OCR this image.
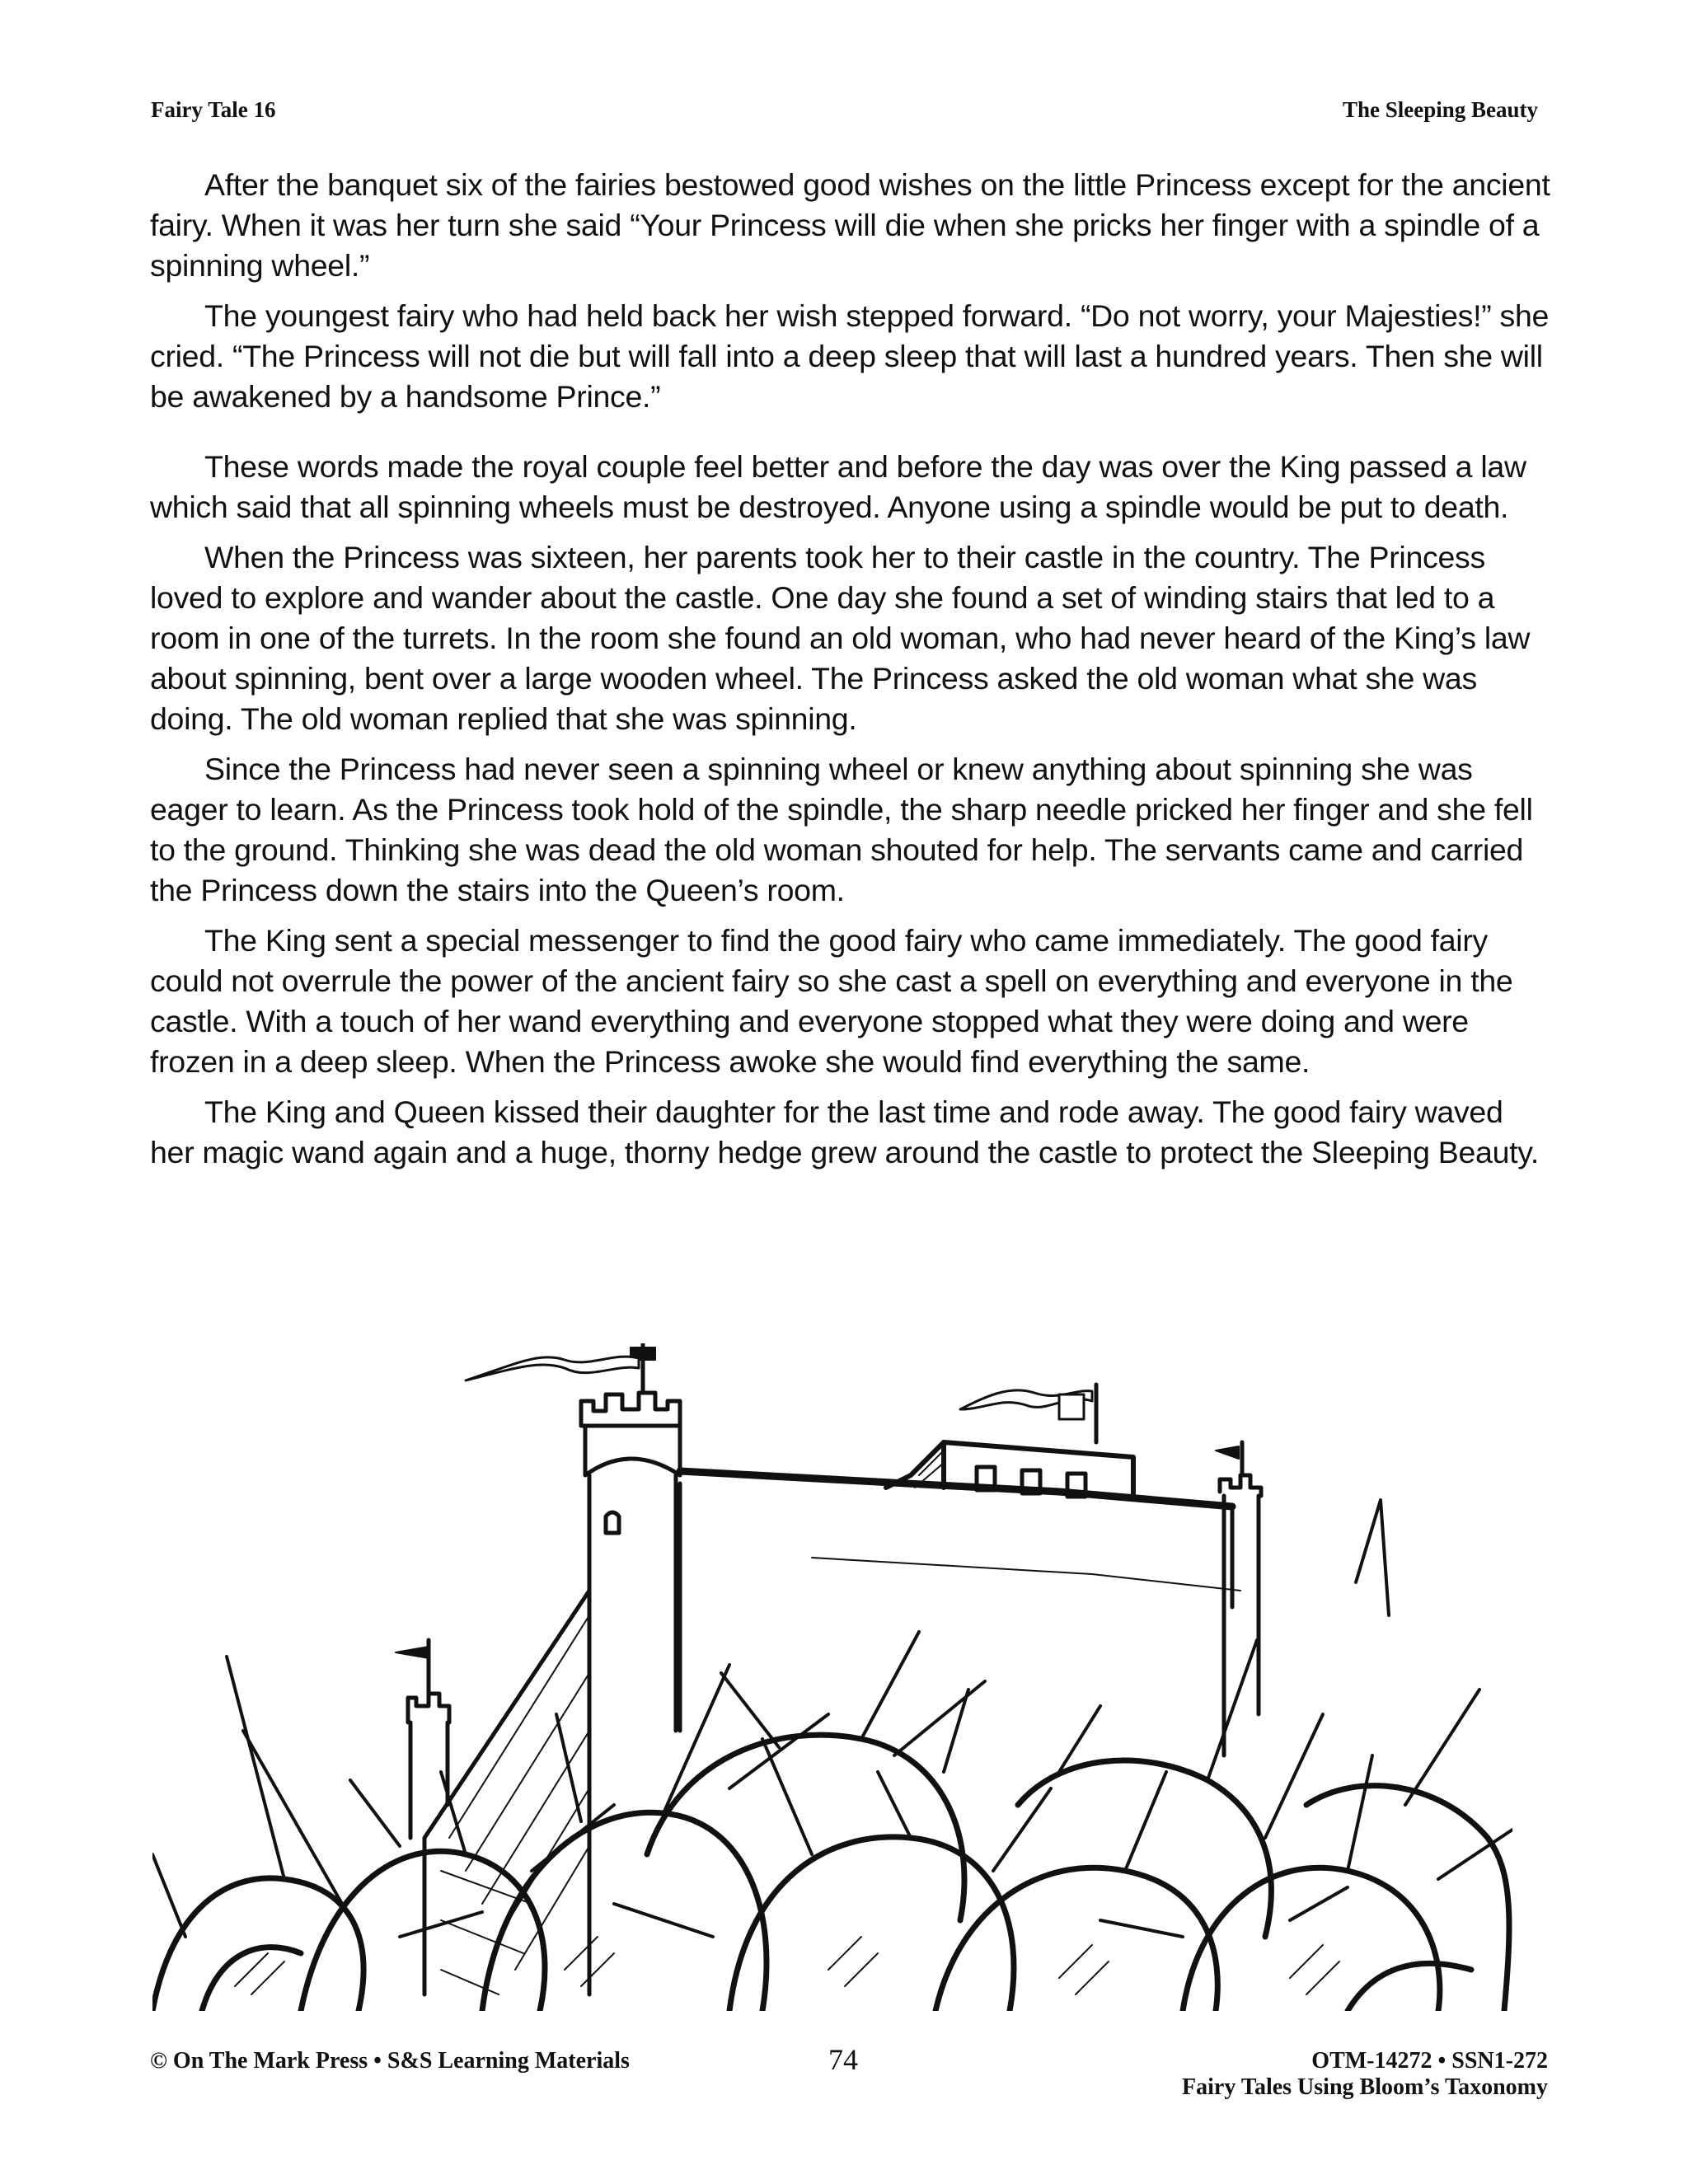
Fairy Tale 16	The Sleeping Beauty

After the banquet six of the fairies bestowed good wishes on the little Princess except for the ancient fairy. When it was her turn she said “Your Princess will die when she pricks her finger with a spindle of a spinning wheel.”

The youngest fairy who had held back her wish stepped forward. “Do not worry, your Majesties!” she cried. “The Princess will not die but will fall into a deep sleep that will last a hundred years. Then she will be awakened by a handsome Prince.”

These words made the royal couple feel better and before the day was over the King passed a law which said that all spinning wheels must be destroyed. Anyone using a spindle would be put to death.

When the Princess was sixteen, her parents took her to their castle in the country. The Princess loved to explore and wander about the castle. One day she found a set of winding stairs that led to a room in one of the turrets. In the room she found an old woman, who had never heard of the King’s law about spinning, bent over a large wooden wheel. The Princess asked the old woman what she was doing. The old woman replied that she was spinning.

Since the Princess had never seen a spinning wheel or knew anything about spinning she was eager to learn. As the Princess took hold of the spindle, the sharp needle pricked her finger and she fell to the ground. Thinking she was dead the old woman shouted for help. The servants came and carried the Princess down the stairs into the Queen’s room.

The King sent a special messenger to find the good fairy who came immediately. The good fairy could not overrule the power of the ancient fairy so she cast a spell on everything and everyone in the castle. With a touch of her wand everything and everyone stopped what they were doing and were frozen in a deep sleep. When the Princess awoke she would find everything the same.

The King and Queen kissed their daughter for the last time and rode away. The good fairy waved her magic wand again and a huge, thorny hedge grew around the castle to protect the Sleeping Beauty.

© On The Mark Press • S&S Learning Materials	74	OTM-14272 • SSN1-272
Fairy Tales Using Bloom’s Taxonomy
